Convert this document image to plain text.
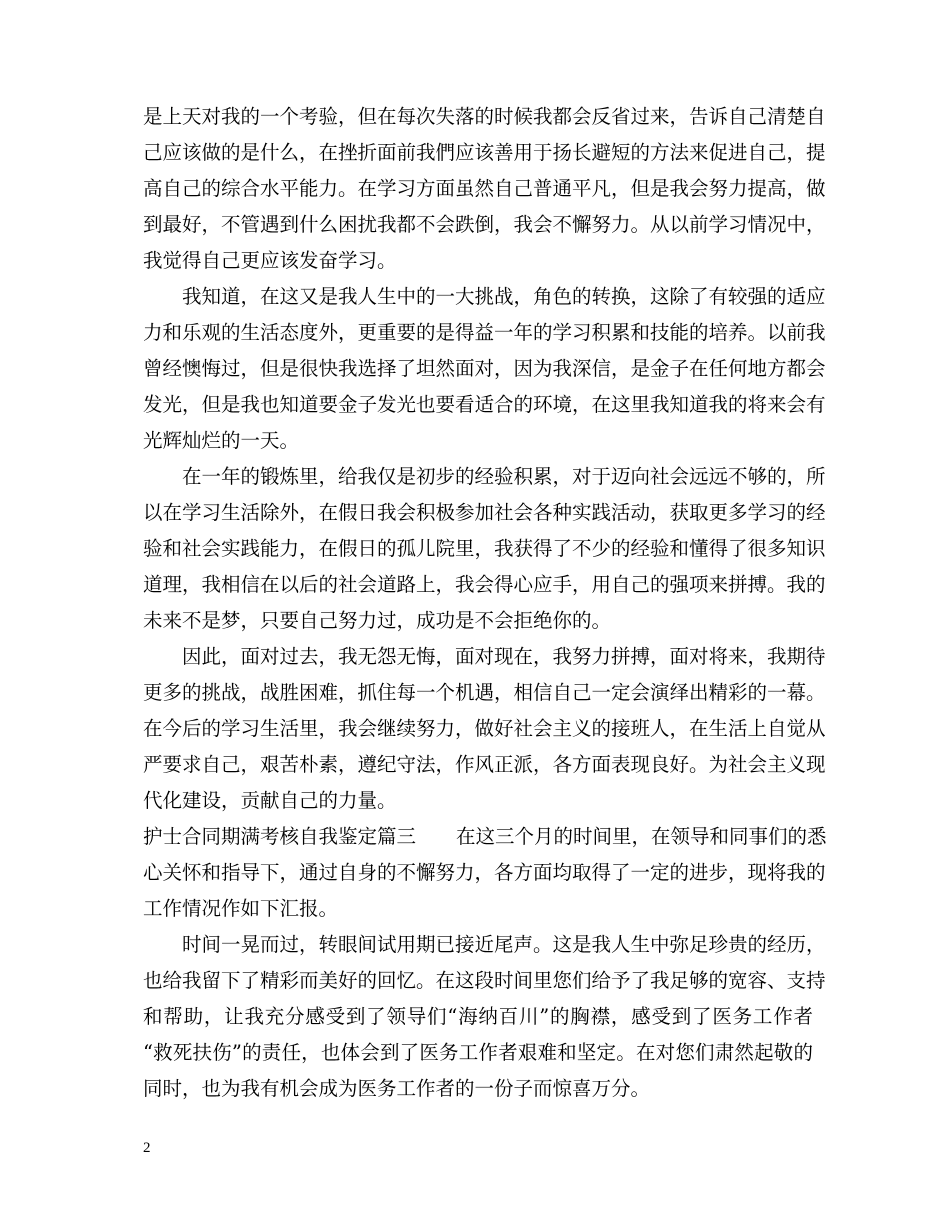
是上天对我的一个考验，但在每次失落的时候我都会反省过来，告诉自己清楚自
己应该做的是什么，在挫折面前我們应该善用于扬长避短的方法来促进自己，提
高自己的综合水平能力。在学习方面虽然自己普通平凡，但是我会努力提高，做
到最好，不管遇到什么困扰我都不会跌倒，我会不懈努力。从以前学习情况中，
我觉得自己更应该发奋学习。
我知道，在这又是我人生中的一大挑战，角色的转换，这除了有较强的适应
力和乐观的生活态度外，更重要的是得益一年的学习积累和技能的培养。以前我
曾经懊悔过，但是很快我选择了坦然面对，因为我深信，是金子在任何地方都会
发光，但是我也知道要金子发光也要看适合的环境，在这里我知道我的将来会有
光辉灿烂的一天。
在一年的锻炼里，给我仅是初步的经验积累，对于迈向社会远远不够的，所
以在学习生活除外，在假日我会积极参加社会各种实践活动，获取更多学习的经
验和社会实践能力，在假日的孤儿院里，我获得了不少的经验和懂得了很多知识
道理，我相信在以后的社会道路上，我会得心应手，用自己的强项来拼搏。我的
未来不是梦，只要自己努力过，成功是不会拒绝你的。
因此，面对过去，我无怨无悔，面对现在，我努力拼搏，面对将来，我期待
更多的挑战，战胜困难，抓住每一个机遇，相信自己一定会演绎出精彩的一幕。
在今后的学习生活里，我会继续努力，做好社会主义的接班人，在生活上自觉从
严要求自己，艰苦朴素，遵纪守法，作风正派，各方面表现良好。为社会主义现
代化建设，贡献自己的力量。
护士合同期满考核自我鉴定篇三 在这三个月的时间里，在领导和同事们的悉
心关怀和指导下，通过自身的不懈努力，各方面均取得了一定的进步，现将我的
工作情况作如下汇报。
时间一晃而过，转眼间试用期已接近尾声。这是我人生中弥足珍贵的经历，
也给我留下了精彩而美好的回忆。在这段时间里您们给予了我足够的宽容、支持
和帮助，让我充分感受到了领导们“海纳百川”的胸襟，感受到了医务工作者
“救死扶伤”的责任，也体会到了医务工作者艰难和坚定。在对您们肃然起敬的
同时，也为我有机会成为医务工作者的一份子而惊喜万分。
2
